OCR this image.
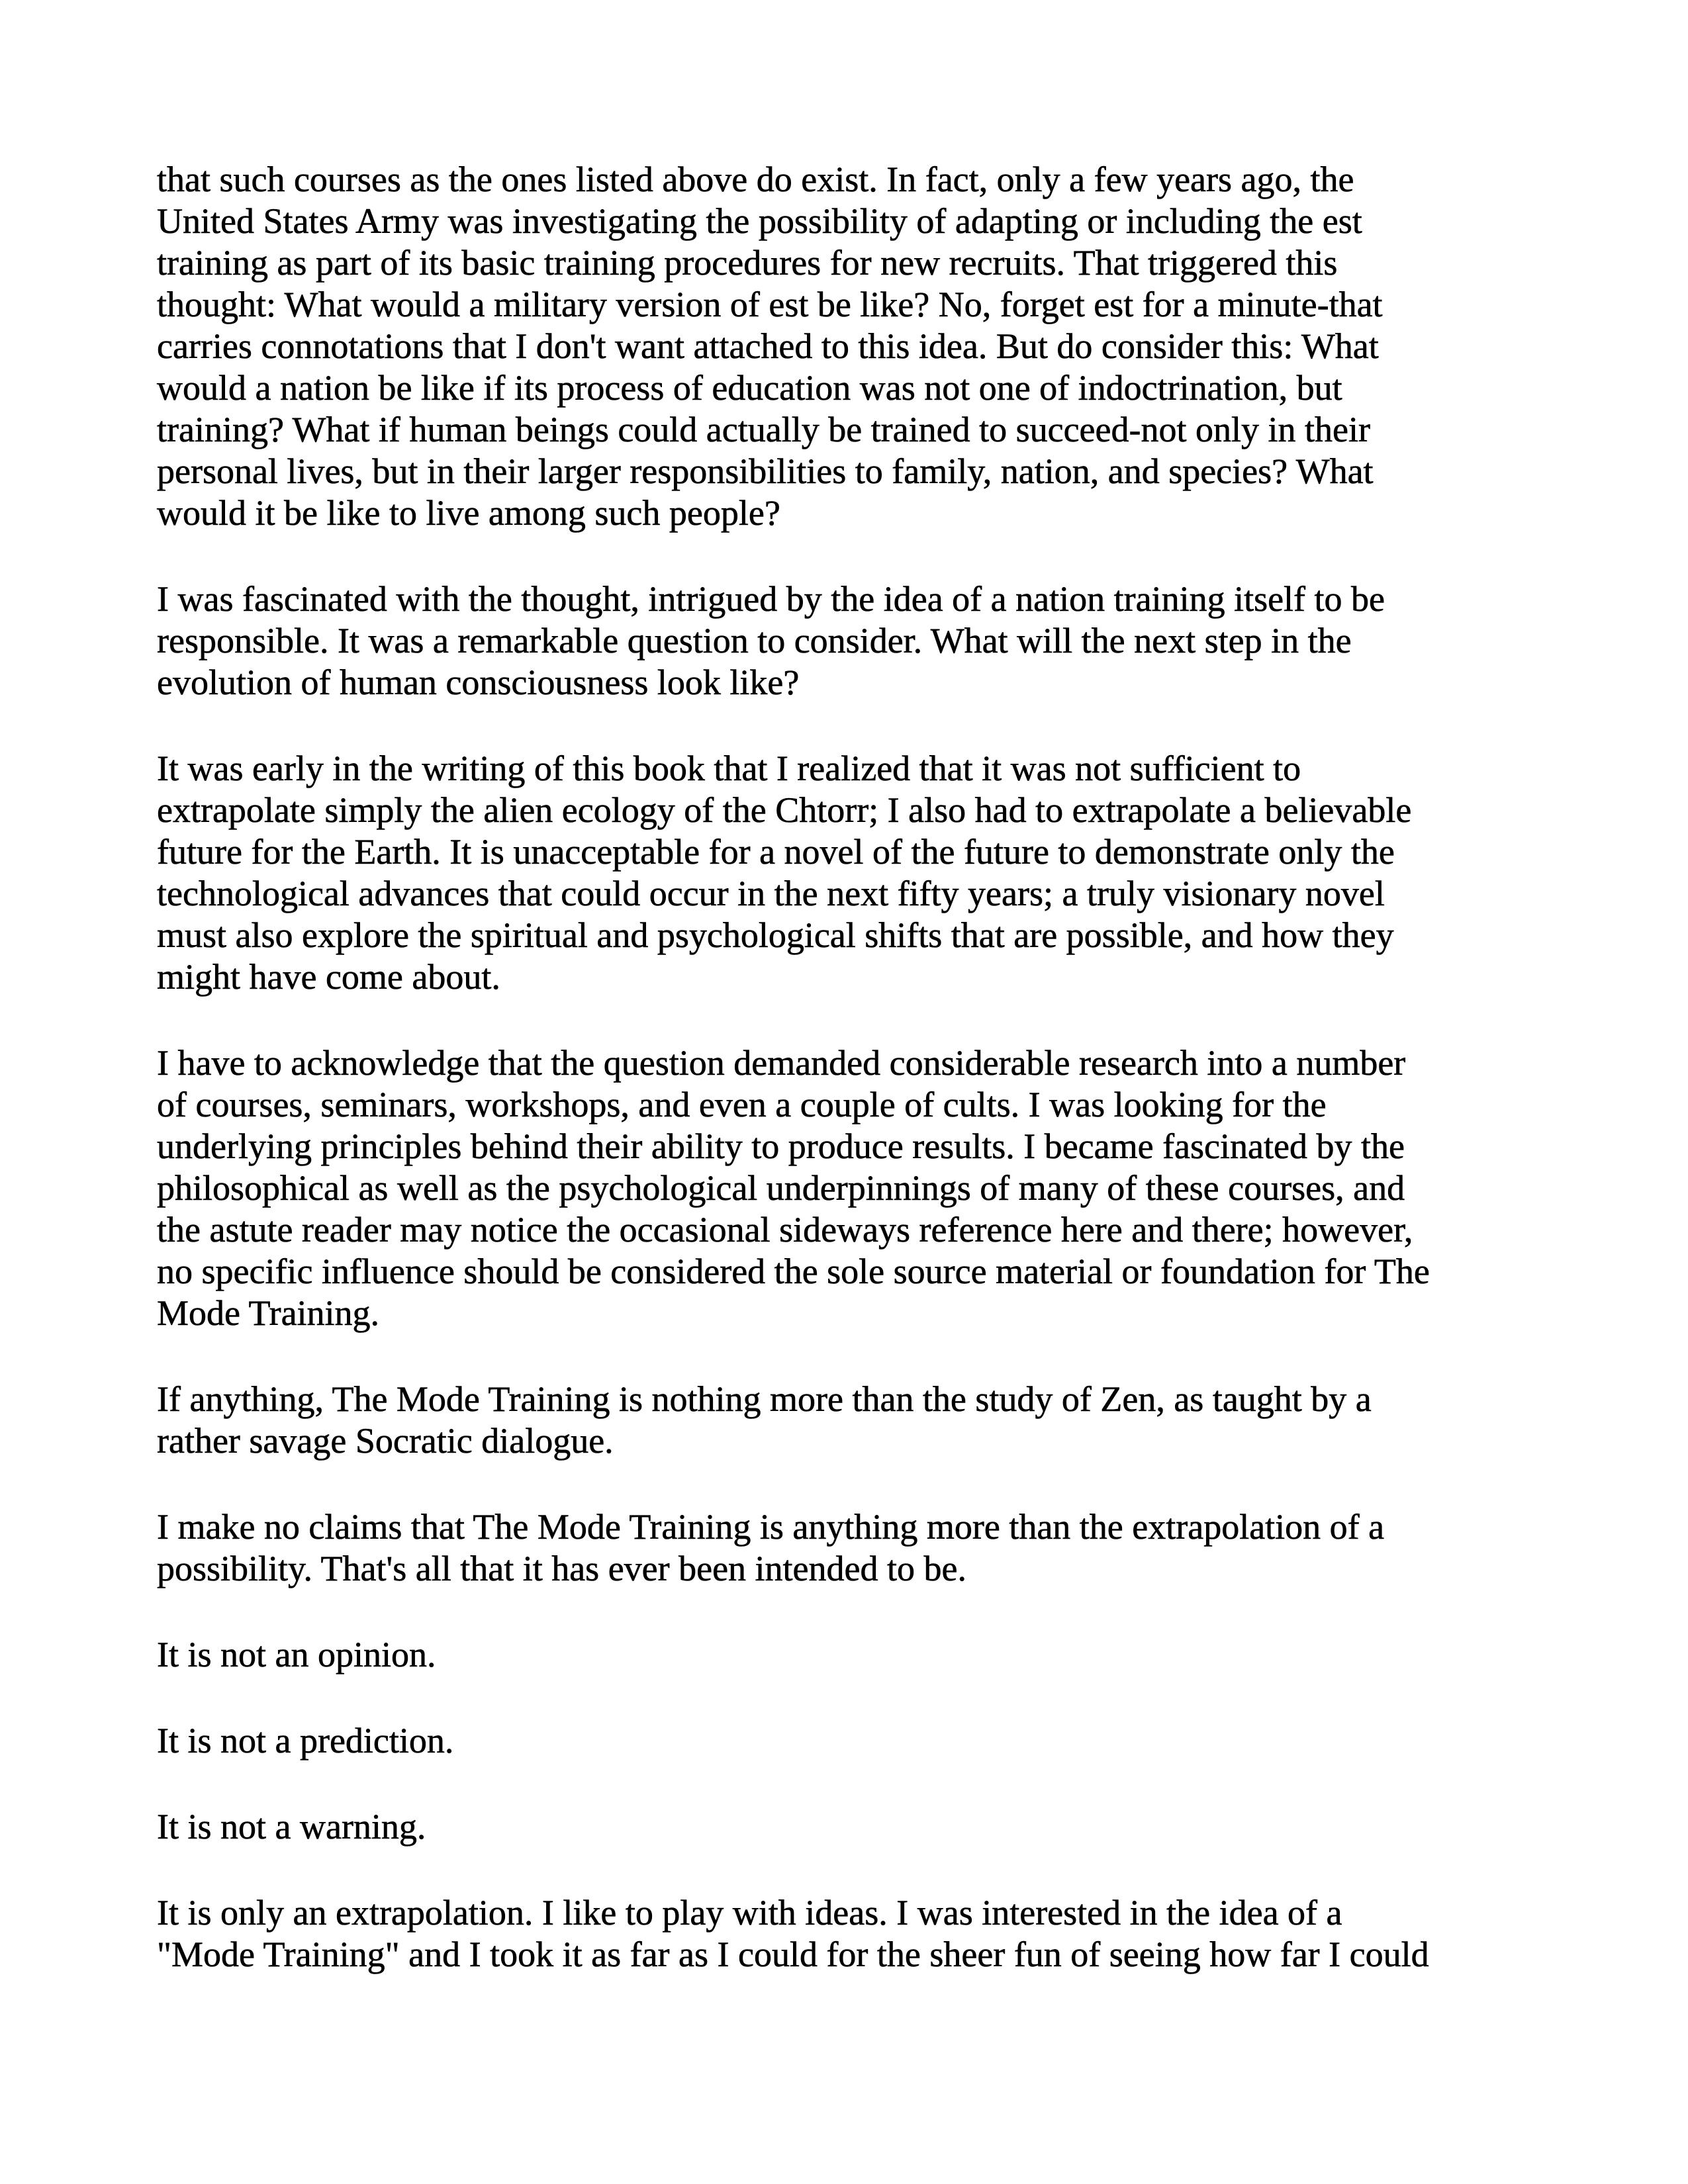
that such courses as the ones listed above do exist. In fact, only a few years ago, the
United States Army was investigating the possibility of adapting or including the est
training as part of its basic training procedures for new recruits. That triggered this
thought: What would a military version of est be like? No, forget est for a minute-that
carries connotations that I don't want attached to this idea. But do consider this: What
would a nation be like if its process of education was not one of indoctrination, but
training? What if human beings could actually be trained to succeed-not only in their
personal lives, but in their larger responsibilities to family, nation, and species? What
would it be like to live among such people?

I was fascinated with the thought, intrigued by the idea of a nation training itself to be
responsible. It was a remarkable question to consider. What will the next step in the
evolution of human consciousness look like?

It was early in the writing of this book that I realized that it was not sufficient to
extrapolate simply the alien ecology of the Chtorr; I also had to extrapolate a believable
future for the Earth. It is unacceptable for a novel of the future to demonstrate only the
technological advances that could occur in the next fifty years; a truly visionary novel
must also explore the spiritual and psychological shifts that are possible, and how they
might have come about.

I have to acknowledge that the question demanded considerable research into a number
of courses, seminars, workshops, and even a couple of cults. I was looking for the
underlying principles behind their ability to produce results. I became fascinated by the
philosophical as well as the psychological underpinnings of many of these courses, and
the astute reader may notice the occasional sideways reference here and there; however,
no specific influence should be considered the sole source material or foundation for The
Mode Training.

If anything, The Mode Training is nothing more than the study of Zen, as taught by a
rather savage Socratic dialogue.

I make no claims that The Mode Training is anything more than the extrapolation of a
possibility. That's all that it has ever been intended to be.

It is not an opinion.

It is not a prediction.

It is not a warning.

It is only an extrapolation. I like to play with ideas. I was interested in the idea of a
"Mode Training" and I took it as far as I could for the sheer fun of seeing how far I could
